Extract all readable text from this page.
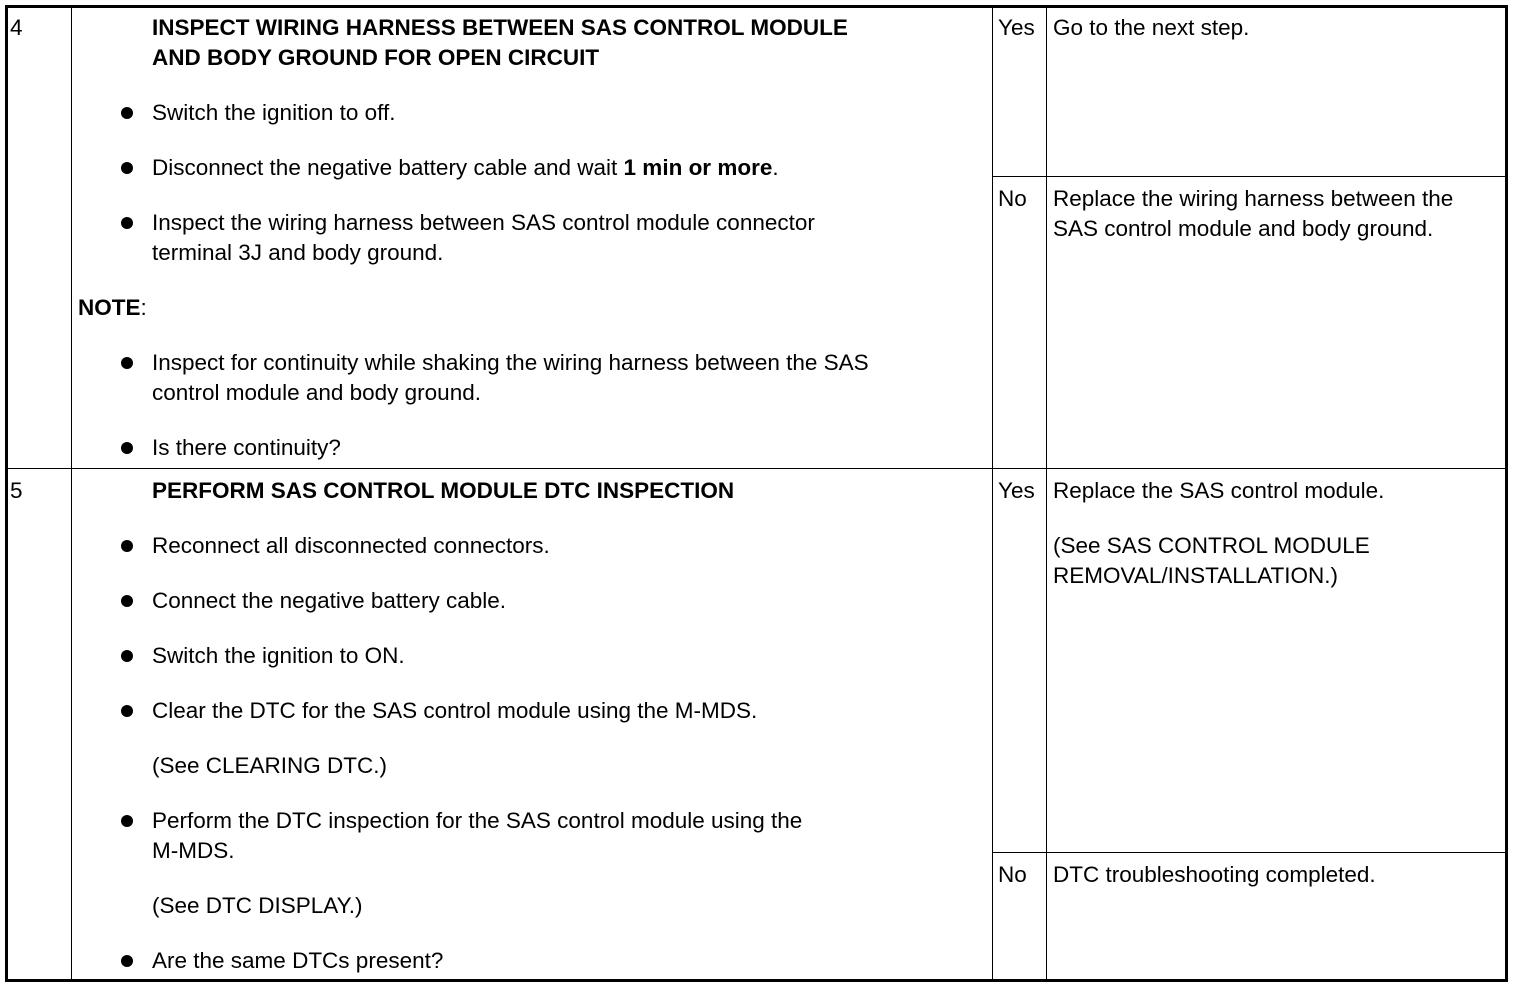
4	INSPECT WIRING HARNESS BETWEEN SAS CONTROL MODULE
AND BODY GROUND FOR OPEN CIRCUIT
Switch the ignition to off.
Disconnect the negative battery cable and wait 1 min or more.
Inspect the wiring harness between SAS control module connector
terminal 3J and body ground.
NOTE:
Inspect for continuity while shaking the wiring harness between the SAS
control module and body ground.
Is there continuity?
Yes Go to the next step.
No Replace the wiring harness between the
SAS control module and body ground.
5	PERFORM SAS CONTROL MODULE DTC INSPECTION
Reconnect all disconnected connectors.
Connect the negative battery cable.
Switch the ignition to ON.
Clear the DTC for the SAS control module using the M-MDS.
(See CLEARING DTC.)
Perform the DTC inspection for the SAS control module using the
M-MDS.
(See DTC DISPLAY.)
Are the same DTCs present?
Yes Replace the SAS control module.
(See SAS CONTROL MODULE
REMOVAL/INSTALLATION.)
No DTC troubleshooting completed.
